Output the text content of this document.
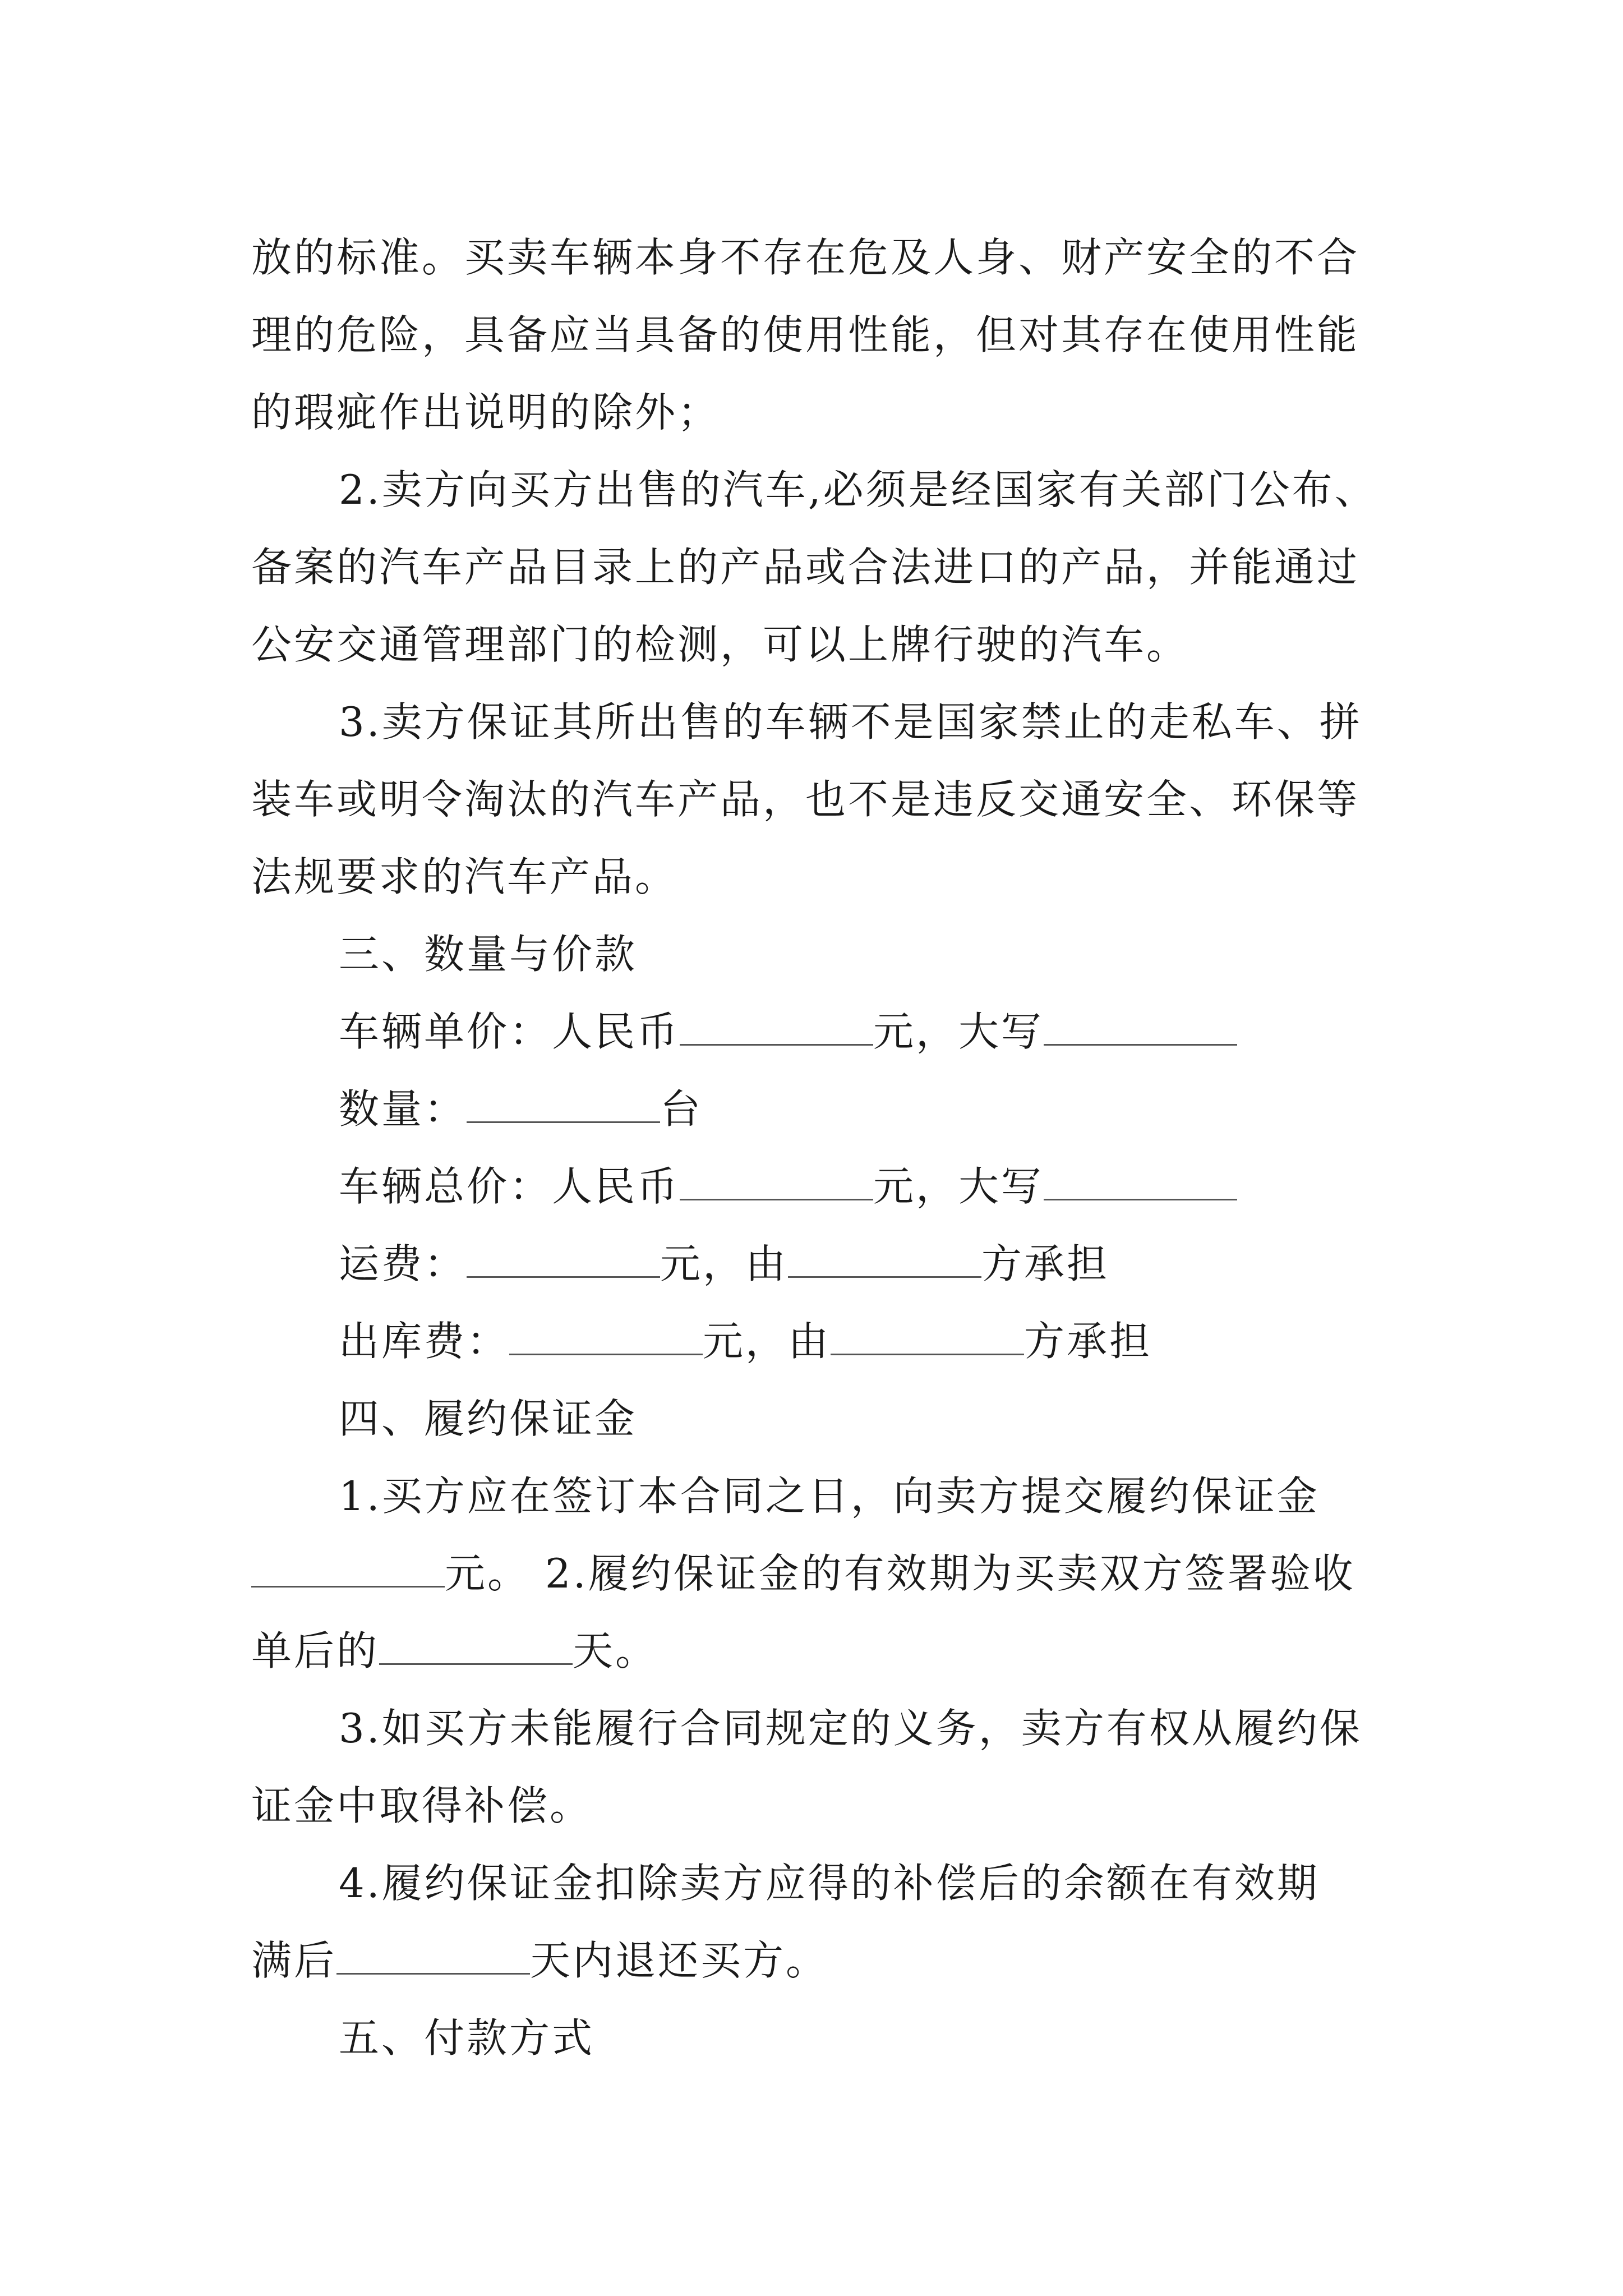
放的标准。买卖车辆本身不存在危及人身、财产安全的不合
理的危险，具备应当具备的使用性能，但对其存在使用性能
的瑕疵作出说明的除外；
2.卖方向买方出售的汽车,必须是经国家有关部门公布、
备案的汽车产品目录上的产品或合法进口的产品，并能通过
公安交通管理部门的检测，可以上牌行驶的汽车。
3.卖方保证其所出售的车辆不是国家禁止的走私车、拼
装车或明令淘汰的汽车产品，也不是违反交通安全、环保等
法规要求的汽车产品。
三、数量与价款
车辆单价：人民币	元，大写
数量：	台
车辆总价：人民币	元，大写
运费：	元，由	方承担
出库费：	元，由	方承担
四、履约保证金
1.买方应在签订本合同之日，向卖方提交履约保证金
元。 2.履约保证金的有效期为买卖双方签署验收
单后的	天。
3.如买方未能履行合同规定的义务，卖方有权从履约保
证金中取得补偿。
4.履约保证金扣除卖方应得的补偿后的余额在有效期
满后	天内退还买方。
五、付款方式
